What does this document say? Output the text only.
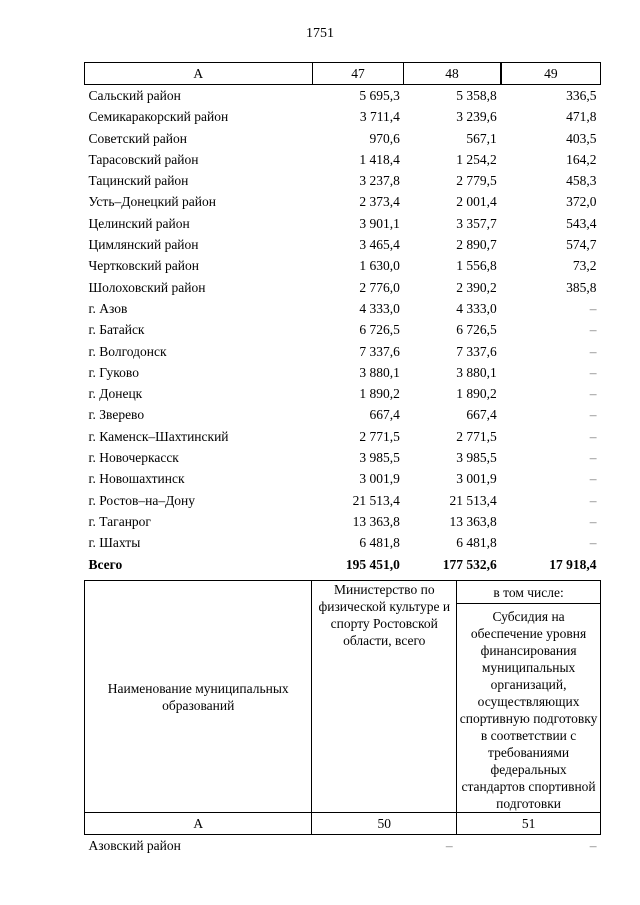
1751
А	47	48	49
Сальский район	5 695,3	5 358,8	336,5
Семикаракорский район	3 711,4	3 239,6	471,8
Советский район	970,6	567,1	403,5
Тарасовский район	1 418,4	1 254,2	164,2
Тацинский район	3 237,8	2 779,5	458,3
Усть–Донецкий район	2 373,4	2 001,4	372,0
Целинский район	3 901,1	3 357,7	543,4
Цимлянский район	3 465,4	2 890,7	574,7
Чертковский район	1 630,0	1 556,8	73,2
Шолоховский район	2 776,0	2 390,2	385,8
г. Азов	4 333,0	4 333,0	–
г. Батайск	6 726,5	6 726,5	–
г. Волгодонск	7 337,6	7 337,6	–
г. Гуково	3 880,1	3 880,1	–
г. Донецк	1 890,2	1 890,2	–
г. Зверево	667,4	667,4	–
г. Каменск–Шахтинский	2 771,5	2 771,5	–
г. Новочеркасск	3 985,5	3 985,5	–
г. Новошахтинск	3 001,9	3 001,9	–
г. Ростов–на–Дону	21 513,4	21 513,4	–
г. Таганрог	13 363,8	13 363,8	–
г. Шахты	6 481,8	6 481,8	–
Всего	195 451,0	177 532,6	17 918,4
Наименование муниципальных образований	Министерство по физической культуре и спорту Ростовской области, всего	в том числе:
		Субсидия на обеспечение уровня финансирования муниципальных организаций, осуществляющих спортивную подготовку в соответствии с требованиями федеральных стандартов спортивной подготовки
А	50	51
Азовский район	–	–
